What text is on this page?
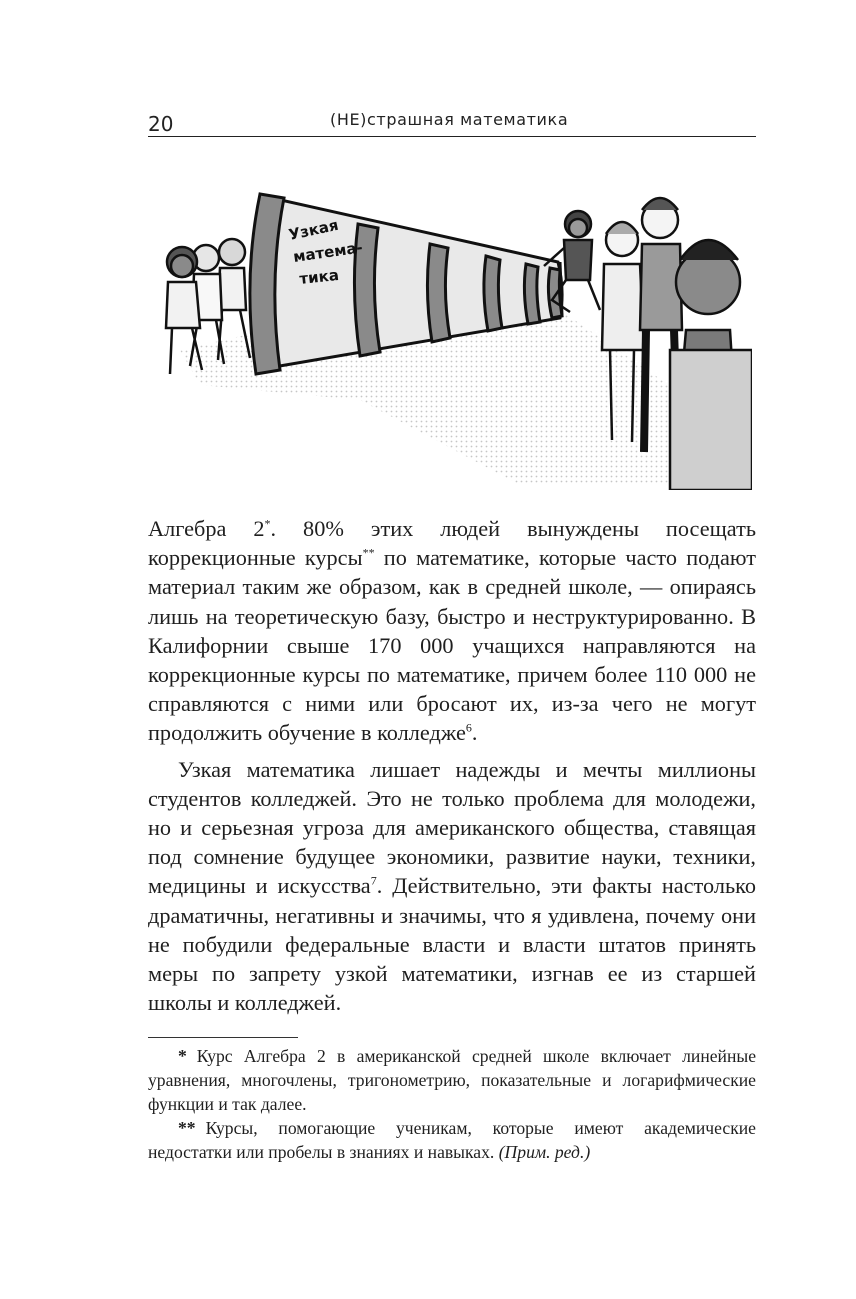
20	(НЕ)страшная математика
Узкая
матема-
тика

Алгебра 2*. 80% этих людей вынуждены посещать коррекционные курсы** по математике, которые часто подают материал таким же образом, как в средней школе, — опираясь лишь на теоретическую базу, быстро и неструктурированно. В Калифорнии свыше 170 000 учащихся направляются на коррекционные курсы по математике, причем более 110 000 не справляются с ними или бросают их, из-за чего не могут продолжить обучение в колледже$^6$.

Узкая математика лишает надежды и мечты миллионы студентов колледжей. Это не только проблема для молодежи, но и серьезная угроза для американского общества, ставящая под сомнение будущее экономики, развитие науки, техники, медицины и искусства$^7$. Действительно, эти факты настолько драматичны, негативны и значимы, что я удивлена, почему они не побудили федеральные власти и власти штатов принять меры по запрету узкой математики, изгнав ее из старшей школы и колледжей.

* Курс Алгебра 2 в американской средней школе включает линейные уравнения, многочлены, тригонометрию, показательные и логарифмические функции и так далее.

** Курсы, помогающие ученикам, которые имеют академические недостатки или пробелы в знаниях и навыках. (Прим. ред.)
